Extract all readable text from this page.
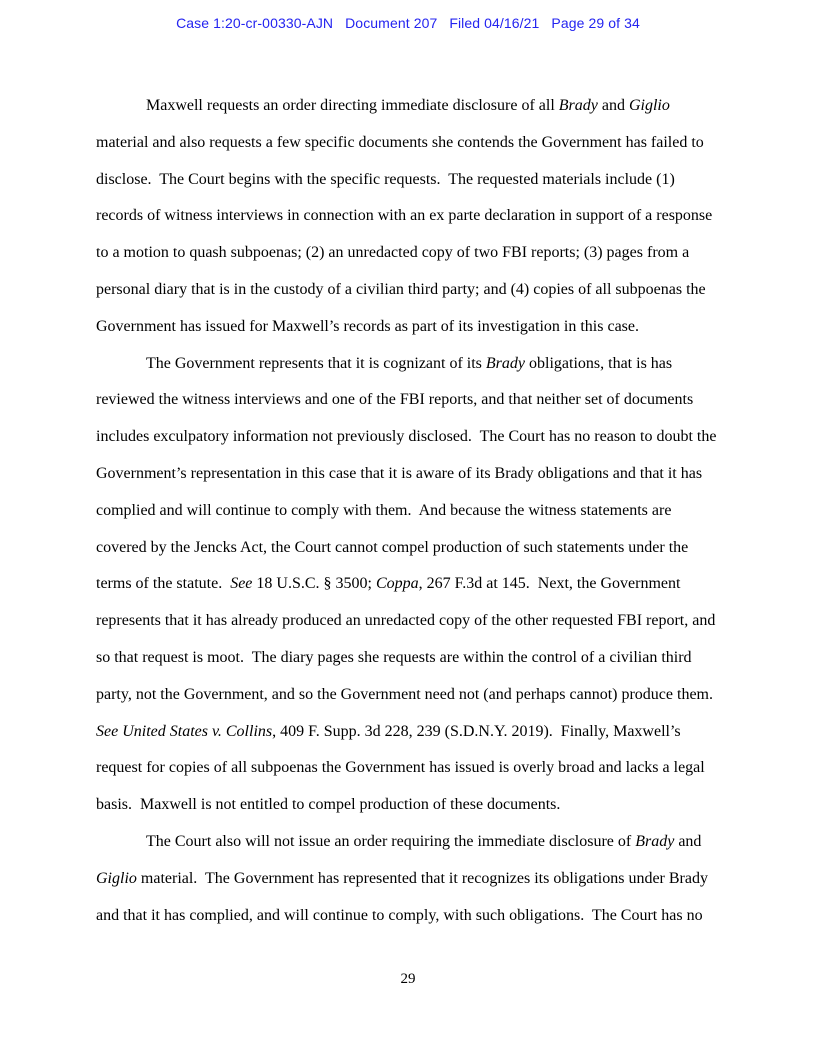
Case 1:20-cr-00330-AJN   Document 207   Filed 04/16/21   Page 29 of 34

Maxwell requests an order directing immediate disclosure of all Brady and Giglio material and also requests a few specific documents she contends the Government has failed to disclose.  The Court begins with the specific requests.  The requested materials include (1) records of witness interviews in connection with an ex parte declaration in support of a response to a motion to quash subpoenas; (2) an unredacted copy of two FBI reports; (3) pages from a personal diary that is in the custody of a civilian third party; and (4) copies of all subpoenas the Government has issued for Maxwell’s records as part of its investigation in this case.

The Government represents that it is cognizant of its Brady obligations, that is has reviewed the witness interviews and one of the FBI reports, and that neither set of documents includes exculpatory information not previously disclosed.  The Court has no reason to doubt the Government’s representation in this case that it is aware of its Brady obligations and that it has complied and will continue to comply with them.  And because the witness statements are covered by the Jencks Act, the Court cannot compel production of such statements under the terms of the statute.  See 18 U.S.C. § 3500; Coppa, 267 F.3d at 145.  Next, the Government represents that it has already produced an unredacted copy of the other requested FBI report, and so that request is moot.  The diary pages she requests are within the control of a civilian third party, not the Government, and so the Government need not (and perhaps cannot) produce them.  See United States v. Collins, 409 F. Supp. 3d 228, 239 (S.D.N.Y. 2019).  Finally, Maxwell’s request for copies of all subpoenas the Government has issued is overly broad and lacks a legal basis.  Maxwell is not entitled to compel production of these documents.

The Court also will not issue an order requiring the immediate disclosure of Brady and Giglio material.  The Government has represented that it recognizes its obligations under Brady and that it has complied, and will continue to comply, with such obligations.  The Court has no

29
